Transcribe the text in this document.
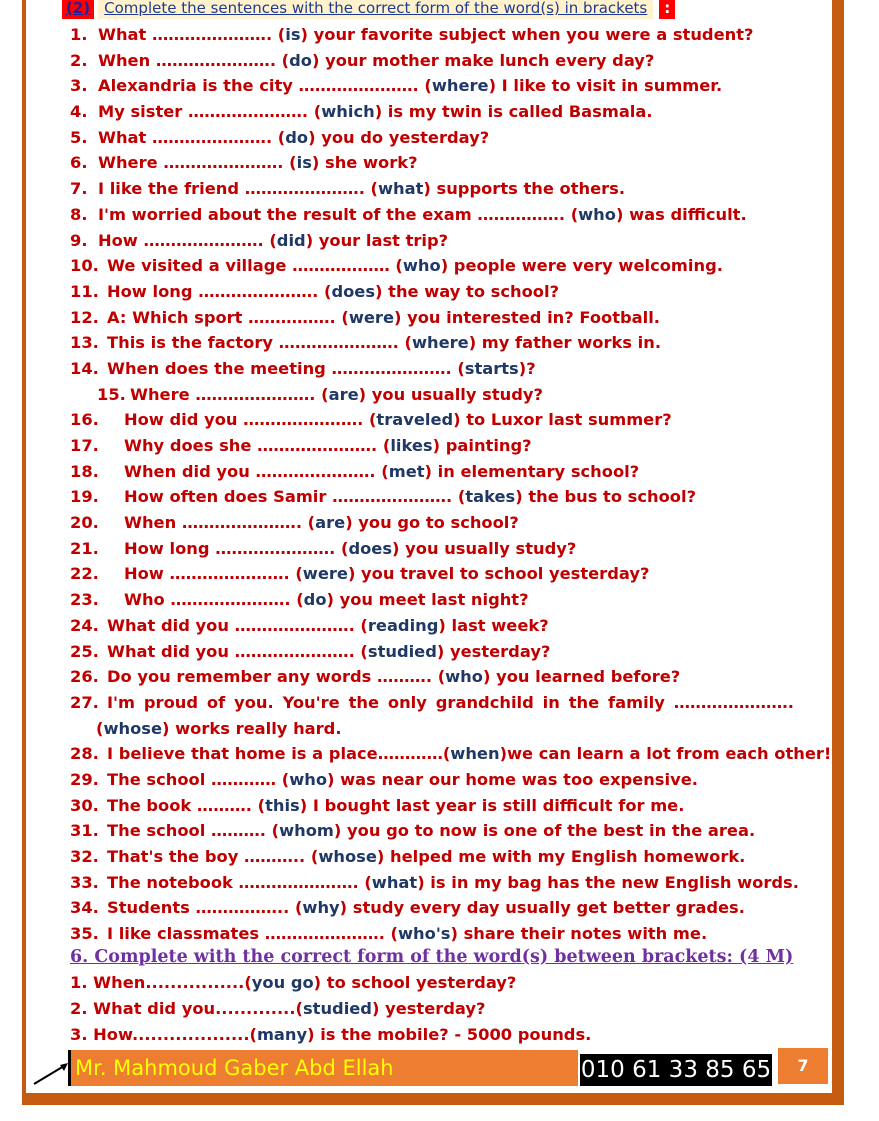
(2) Complete the sentences with the correct form of the word(s) in brackets	:
1. What …………………. (is) your favorite subject when you were a student?
2. When …………………. (do) your mother make lunch every day?
3. Alexandria is the city …………………. (where) I like to visit in summer.
4. My sister …………………. (which) is my twin is called Basmala.
5. What …………………. (do) you do yesterday?
6. Where …………………. (is) she work?
7. I like the friend …………………. (what) supports the others.
8. I'm worried about the result of the exam ……………. (who) was difficult.
9. How …………………. (did) your last trip?
10. We visited a village ……………… (who) people were very welcoming.
11. How long …………………. (does) the way to school?
12. A: Which sport ……………. (were) you interested in? Football.
13. This is the factory …………………. (where) my father works in.
14. When does the meeting …………………. (starts)?
15. Where …………………. (are) you usually study?
16. How did you …………………. (traveled) to Luxor last summer?
17. Why does she …………………. (likes) painting?
18. When did you …………………. (met) in elementary school?
19. How often does Samir …………………. (takes) the bus to school?
20. When …………………. (are) you go to school?
21. How long …………………. (does) you usually study?
22. How …………………. (were) you travel to school yesterday?
23. Who …………………. (do) you meet last night?
24. What did you …………………. (reading) last week?
25. What did you …………………. (studied) yesterday?
26. Do you remember any words ………. (who) you learned before?
27. I'm proud of you. You're the only grandchild in the family ………………….
(whose) works really hard.
28. I believe that home is a place…………(when)we can learn a lot from each other!
29. The school ………… (who) was near our home was too expensive.
30. The book ………. (this) I bought last year is still difficult for me.
31. The school ………. (whom) you go to now is one of the best in the area.
32. That's the boy ……….. (whose) helped me with my English homework.
33. The notebook …………………. (what) is in my bag has the new English words.
34. Students …………….. (why) study every day usually get better grades.
35. I like classmates …………………. (who's) share their notes with me.
6. Complete with the correct form of the word(s) between brackets: (4 M)
1. When................(you go) to school yesterday?
2. What did you.............(studied) yesterday?
3. How...................(many) is the mobile? - 5000 pounds.
Mr. Mahmoud Gaber Abd Ellah	010 61 33 85 65	7
